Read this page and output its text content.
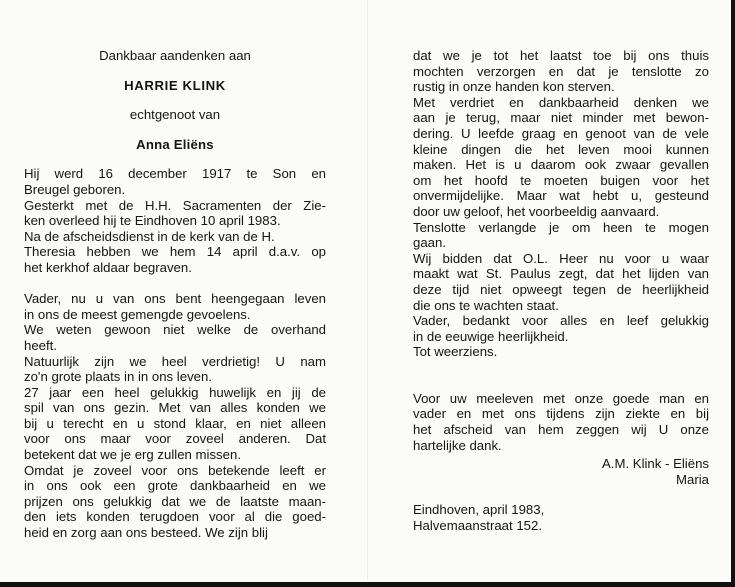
Dankbaar aandenken aan
HARRIE KLINK
echtgenoot van
Anna Eliëns
Hij werd 16 december 1917 te Son en
Breugel geboren.
Gesterkt met de H.H. Sacramenten der Zie-
ken overleed hij te Eindhoven 10 april 1983.
Na de afscheidsdienst in de kerk van de H.
Theresia hebben we hem 14 april d.a.v. op
het kerkhof aldaar begraven.
Vader, nu u van ons bent heengegaan leven
in ons de meest gemengde gevoelens.
We weten gewoon niet welke de overhand
heeft.
Natuurlijk zijn we heel verdrietig! U nam
zo'n grote plaats in in ons leven.
27 jaar een heel gelukkig huwelijk en jij de
spil van ons gezin. Met van alles konden we
bij u terecht en u stond klaar, en niet alleen
voor ons maar voor zoveel anderen. Dat
betekent dat we je erg zullen missen.
Omdat je zoveel voor ons betekende leeft er
in ons ook een grote dankbaarheid en we
prijzen ons gelukkig dat we de laatste maan-
den iets konden terugdoen voor al die goed-
heid en zorg aan ons besteed. We zijn blij
dat we je tot het laatst toe bij ons thuis
mochten verzorgen en dat je tenslotte zo
rustig in onze handen kon sterven.
Met verdriet en dankbaarheid denken we
aan je terug, maar niet minder met bewon-
dering. U leefde graag en genoot van de vele
kleine dingen die het leven mooi kunnen
maken. Het is u daarom ook zwaar gevallen
om het hoofd te moeten buigen voor het
onvermijdelijke. Maar wat hebt u, gesteund
door uw geloof, het voorbeeldig aanvaard.
Tenslotte verlangde je om heen te mogen
gaan.
Wij bidden dat O.L. Heer nu voor u waar
maakt wat St. Paulus zegt, dat het lijden van
deze tijd niet opweegt tegen de heerlijkheid
die ons te wachten staat.
Vader, bedankt voor alles en leef gelukkig
in de eeuwige heerlijkheid.
Tot weerziens.
Voor uw meeleven met onze goede man en
vader en met ons tijdens zijn ziekte en bij
het afscheid van hem zeggen wij U onze
hartelijke dank.
A.M. Klink - Eliëns
Maria
Eindhoven, april 1983,
Halvemaanstraat 152.
